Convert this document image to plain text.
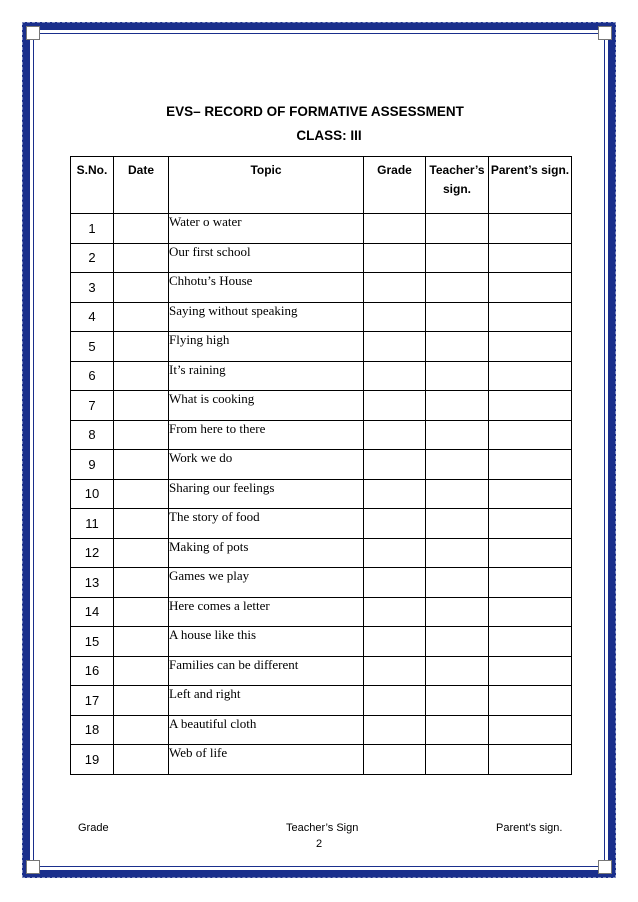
EVS– RECORD OF FORMATIVE ASSESSMENT
CLASS: III
S.No.	Date	Topic	Grade	Teacher’s sign.	Parent’s sign.
1		Water o water			
2		Our first school			
3		Chhotu’s House			
4		Saying without speaking			
5		Flying high			
6		It’s raining			
7		What is cooking			
8		From here to there			
9		Work we do			
10		Sharing our feelings			
11		The story of food			
12		Making of pots			
13		Games we play			
14		Here comes a letter			
15		A house like this			
16		Families can be different			
17		Left and right			
18		A beautiful cloth			
19		Web of life			
Grade	Teacher’s Sign	Parent’s sign.
2
